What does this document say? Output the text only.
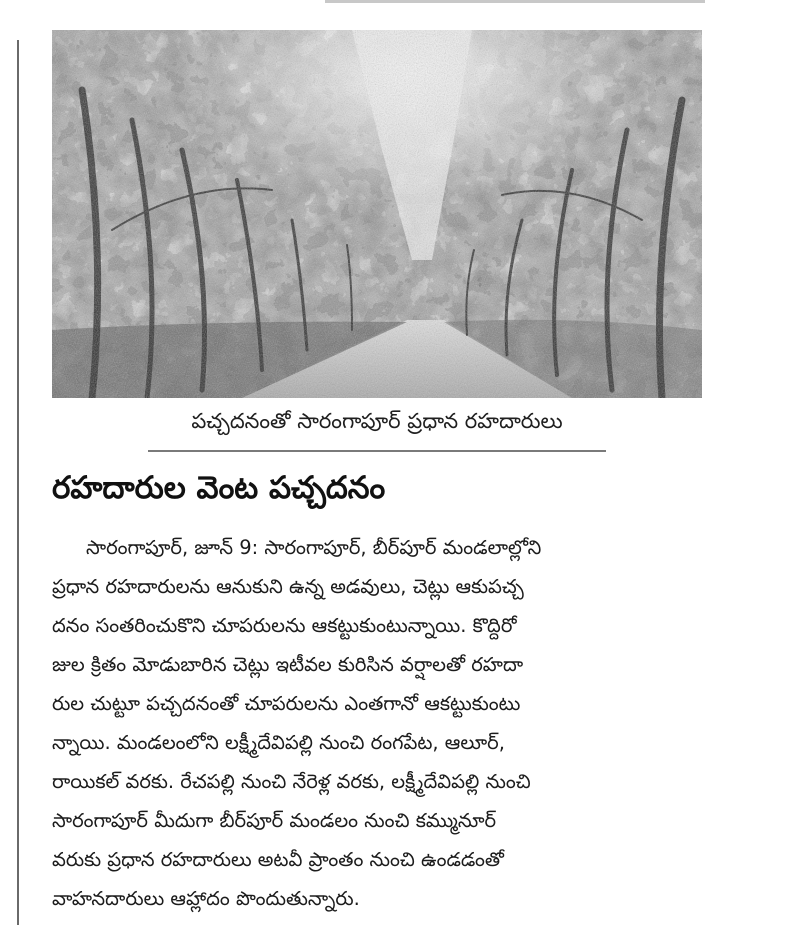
పచ్చదనంతో సారంగాపూర్ ప్రధాన రహదారులు
రహదారుల వెంట పచ్చదనం
సారంగాపూర్, జూన్ 9: సారంగాపూర్, బీర్‌పూర్ మండలాల్లోని
ప్రధాన రహదారులను ఆనుకుని ఉన్న అడవులు, చెట్లు ఆకుపచ్చ
దనం సంతరించుకొని చూపరులను ఆకట్టుకుంటున్నాయి. కొద్దిరో
జుల క్రితం మోడుబారిన చెట్లు ఇటీవల కురిసిన వర్షాలతో రహదా
రుల చుట్టూ పచ్చదనంతో చూపరులను ఎంతగానో ఆకట్టుకుంటు
న్నాయి. మండలంలోని లక్ష్మీదేవిపల్లి నుంచి రంగపేట, ఆలూర్,
రాయికల్ వరకు. రేచపల్లి నుంచి నేరెళ్ల వరకు, లక్ష్మీదేవిపల్లి నుంచి
సారంగాపూర్ మీదుగా బీర్‌పూర్ మండలం నుంచి కమ్మునూర్
వరుకు ప్రధాన రహదారులు అటవీ ప్రాంతం నుంచి ఉండడంతో
వాహనదారులు ఆహ్లాదం పొందుతున్నారు.
